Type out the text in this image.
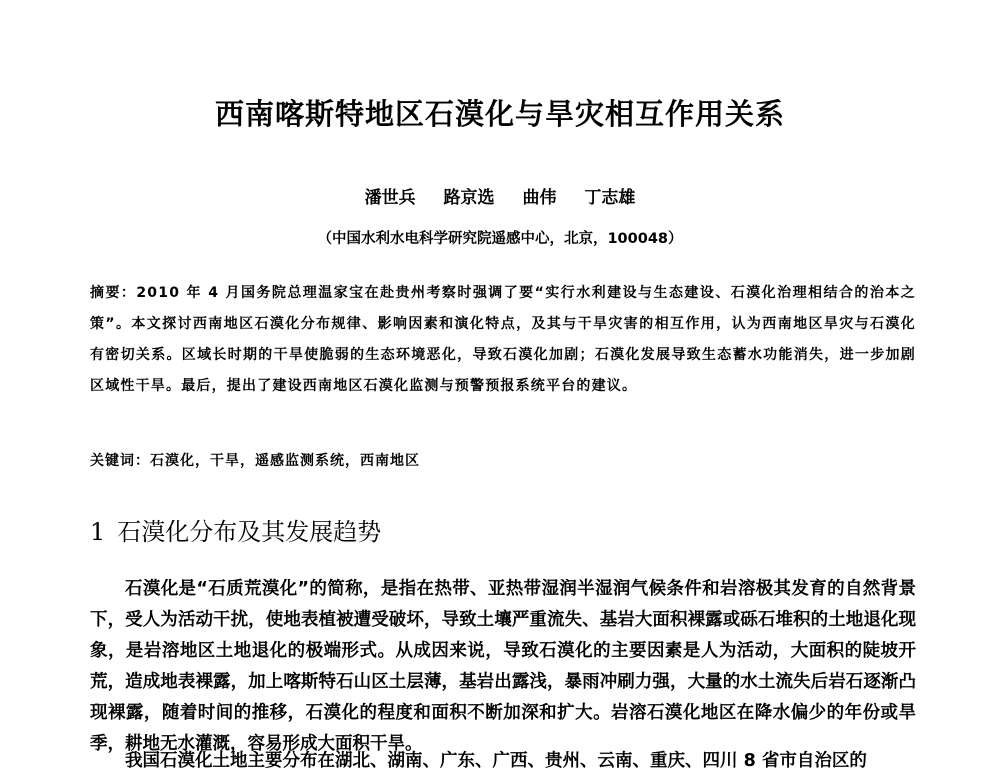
西南喀斯特地区石漠化与旱灾相互作用关系
潘世兵 路京选 曲伟 丁志雄
（中国水利水电科学研究院遥感中心，北京，100048）

摘要：2010 年 4 月国务院总理温家宝在赴贵州考察时强调了要“实行水利建设与生态建设、石漠化治理相结合的治本之策”。本文探讨西南地区石漠化分布规律、影响因素和演化特点，及其与干旱灾害的相互作用，认为西南地区旱灾与石漠化有密切关系。区域长时期的干旱使脆弱的生态环境恶化，导致石漠化加剧；石漠化发展导致生态蓄水功能消失，进一步加剧区域性干旱。最后，提出了建设西南地区石漠化监测与预警预报系统平台的建议。

关键词：石漠化，干旱，遥感监测系统，西南地区
1 石漠化分布及其发展趋势

石漠化是“石质荒漠化”的简称，是指在热带、亚热带湿润半湿润气候条件和岩溶极其发育的自然背景下，受人为活动干扰，使地表植被遭受破坏，导致土壤严重流失、基岩大面积裸露或砾石堆积的土地退化现象，是岩溶地区土地退化的极端形式。从成因来说，导致石漠化的主要因素是人为活动，大面积的陡坡开荒，造成地表裸露，加上喀斯特石山区土层薄，基岩出露浅，暴雨冲刷力强，大量的水土流失后岩石逐渐凸现裸露，随着时间的推移，石漠化的程度和面积不断加深和扩大。岩溶石漠化地区在降水偏少的年份或旱季，耕地无水灌溉，容易形成大面积干旱。

我国石漠化土地主要分布在湖北、湖南、广东、广西、贵州、云南、重庆、四川 8 省市自治区的
